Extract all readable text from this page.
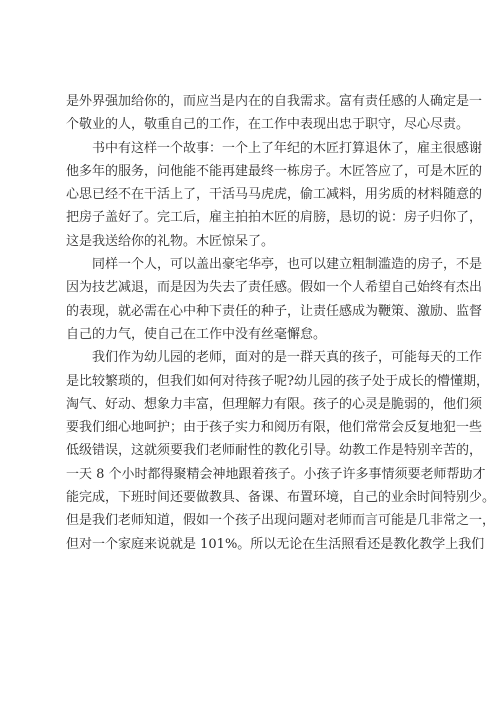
是外界强加给你的，而应当是内在的自我需求。富有责任感的人确定是一
个敬业的人，敬重自己的工作，在工作中表现出忠于职守，尽心尽责。
书中有这样一个故事：一个上了年纪的木匠打算退休了，雇主很感谢
他多年的服务，问他能不能再建最终一栋房子。木匠答应了，可是木匠的
心思已经不在干活上了，干活马马虎虎，偷工减料，用劣质的材料随意的
把房子盖好了。完工后，雇主拍拍木匠的肩膀，恳切的说：房子归你了，
这是我送给你的礼物。木匠惊呆了。
同样一个人，可以盖出豪宅华亭，也可以建立粗制滥造的房子，不是
因为技艺减退，而是因为失去了责任感。假如一个人希望自己始终有杰出
的表现，就必需在心中种下责任的种子，让责任感成为鞭策、激励、监督
自己的力气，使自己在工作中没有丝毫懈怠。
我们作为幼儿园的老师，面对的是一群天真的孩子，可能每天的工作
是比较繁琐的，但我们如何对待孩子呢?幼儿园的孩子处于成长的懵懂期，
淘气、好动、想象力丰富，但理解力有限。孩子的心灵是脆弱的，他们须
要我们细心地呵护；由于孩子实力和阅历有限，他们常常会反复地犯一些
低级错误，这就须要我们老师耐性的教化引导。幼教工作是特别辛苦的，
一天 8 个小时都得聚精会神地跟着孩子。小孩子许多事情须要老师帮助才
能完成，下班时间还要做教具、备课、布置环境，自己的业余时间特别少。
但是我们老师知道，假如一个孩子出现问题对老师而言可能是几非常之一，
但对一个家庭来说就是 101%。所以无论在生活照看还是教化教学上我们
